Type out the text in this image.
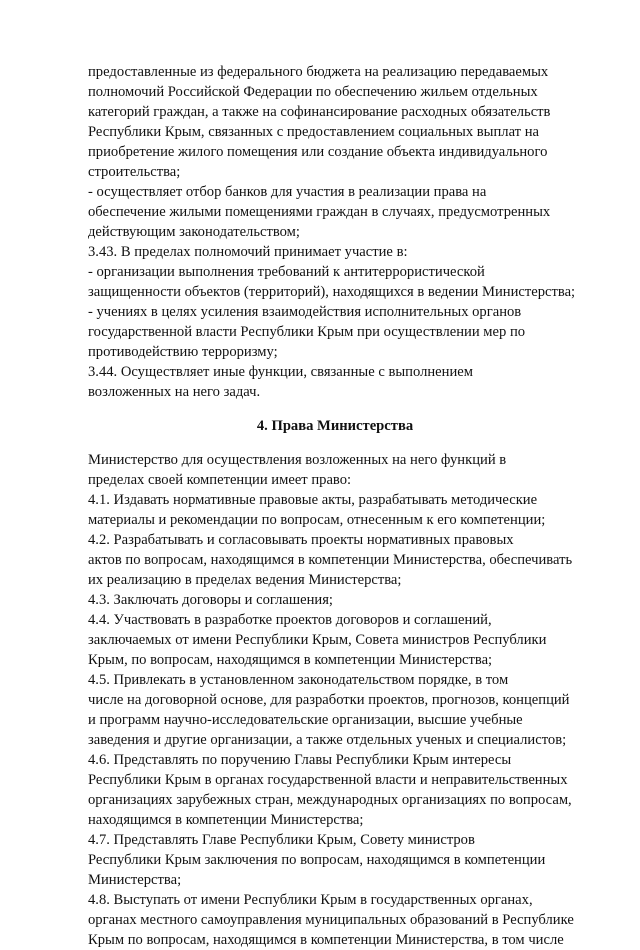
предоставленные из федерального бюджета на реализацию передаваемых
полномочий Российской Федерации по обеспечению жильем отдельных
категорий граждан, а также на софинансирование расходных обязательств
Республики Крым, связанных с предоставлением социальных выплат на
приобретение жилого помещения или создание объекта индивидуального
строительства;

- осуществляет отбор банков для участия в реализации права на
обеспечение жилыми помещениями граждан в случаях, предусмотренных
действующим законодательством;

3.43. В пределах полномочий принимает участие в:

- организации выполнения требований к антитеррористической
защищенности объектов (территорий), находящихся в ведении Министерства;

- учениях в целях усиления взаимодействия исполнительных органов
государственной власти Республики Крым при осуществлении мер по
противодействию терроризму;

3.44. Осуществляет иные функции, связанные с выполнением
возложенных на него задач.

4. Права Министерства

Министерство для осуществления возложенных на него функций в
пределах своей компетенции имеет право:

4.1. Издавать нормативные правовые акты, разрабатывать методические
материалы и рекомендации по вопросам, отнесенным к его компетенции;

4.2. Разрабатывать и согласовывать проекты нормативных правовых
актов по вопросам, находящимся в компетенции Министерства, обеспечивать
их реализацию в пределах ведения Министерства;

4.3. Заключать договоры и соглашения;

4.4. Участвовать в разработке проектов договоров и соглашений,
заключаемых от имени Республики Крым, Совета министров Республики
Крым, по вопросам, находящимся в компетенции Министерства;

4.5. Привлекать в установленном законодательством порядке, в том
числе на договорной основе, для разработки проектов, прогнозов, концепций
и программ научно-исследовательские организации, высшие учебные
заведения и другие организации, а также отдельных ученых и специалистов;

4.6. Представлять по поручению Главы Республики Крым интересы
Республики Крым в органах государственной власти и неправительственных
организациях зарубежных стран, международных организациях по вопросам,
находящимся в компетенции Министерства;

4.7. Представлять Главе Республики Крым, Совету министров
Республики Крым заключения по вопросам, находящимся в компетенции
Министерства;

4.8. Выступать от имени Республики Крым в государственных органах,
органах местного самоуправления муниципальных образований в Республике
Крым по вопросам, находящимся в компетенции Министерства, в том числе
